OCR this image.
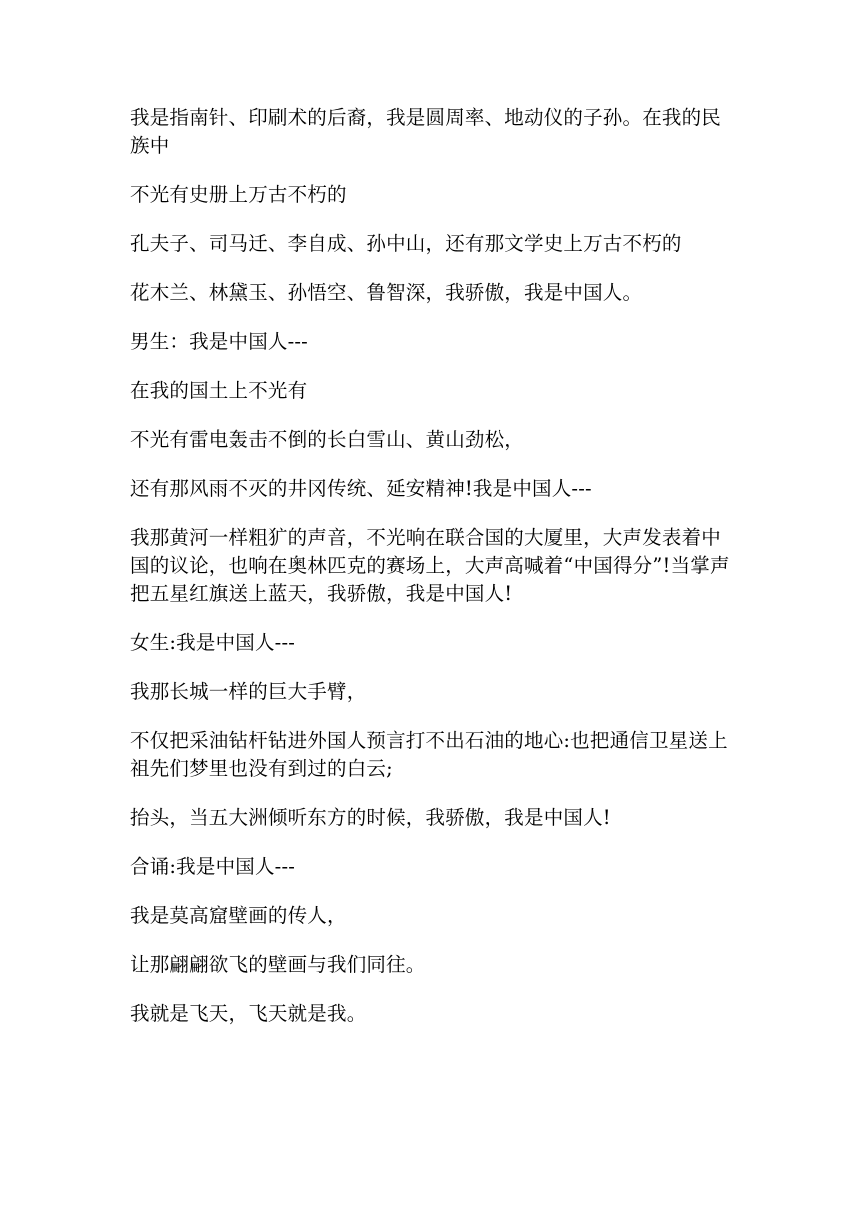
我是指南针、印刷术的后裔，我是圆周率、地动仪的子孙。在我的民族中

不光有史册上万古不朽的

孔夫子、司马迁、李自成、孙中山，还有那文学史上万古不朽的

花木兰、林黛玉、孙悟空、鲁智深，我骄傲，我是中国人。

男生：我是中国人---

在我的国土上不光有

不光有雷电轰击不倒的长白雪山、黄山劲松，

还有那风雨不灭的井冈传统、延安精神!我是中国人---

我那黄河一样粗犷的声音，不光响在联合国的大厦里，大声发表着中国的议论，也响在奥林匹克的赛场上，大声高喊着“中国得分”!当掌声把五星红旗送上蓝天，我骄傲，我是中国人!

女生:我是中国人---

我那长城一样的巨大手臂，

不仅把采油钻杆钻进外国人预言打不出石油的地心:也把通信卫星送上祖先们梦里也没有到过的白云;

抬头，当五大洲倾听东方的时候，我骄傲，我是中国人!

合诵:我是中国人---

我是莫高窟壁画的传人，

让那翩翩欲飞的壁画与我们同往。

我就是飞天，飞天就是我。
